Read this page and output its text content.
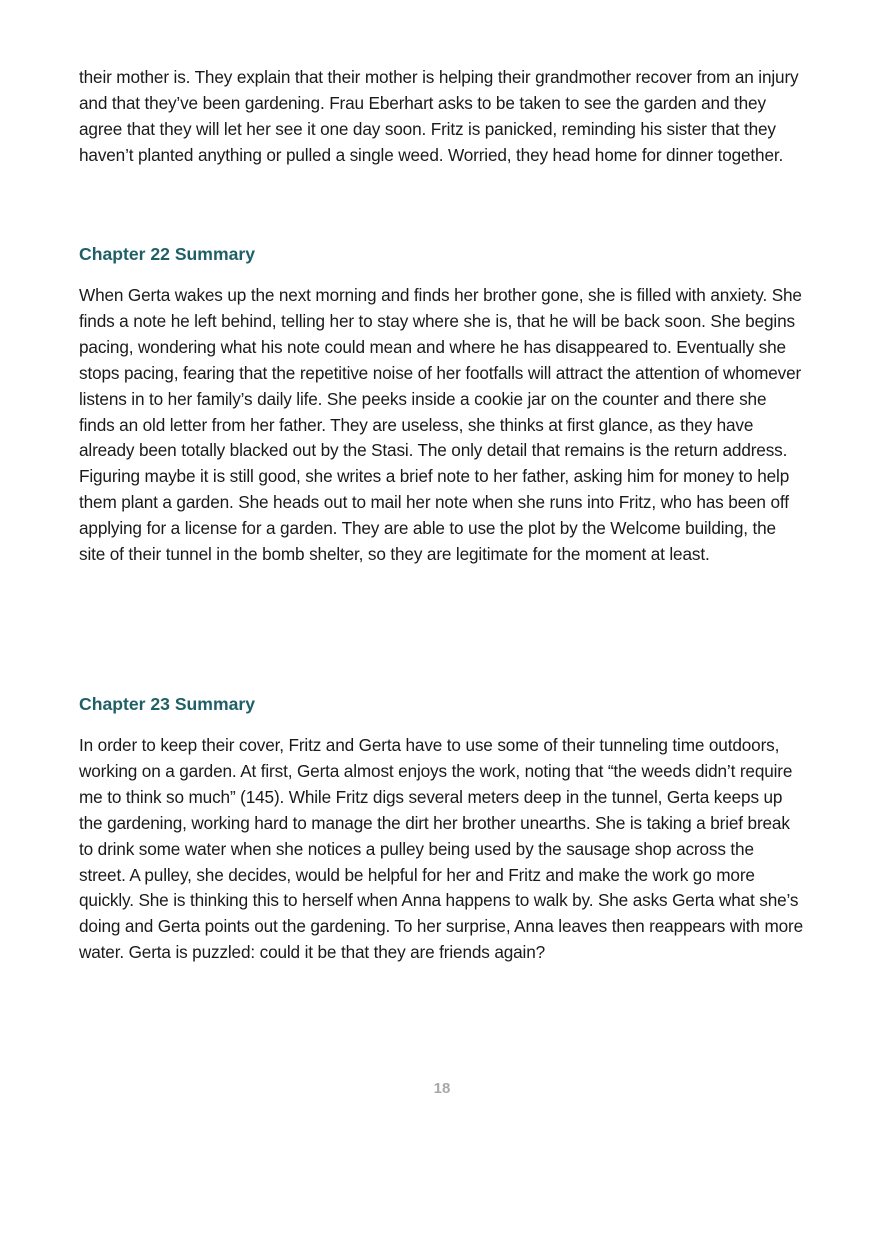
their mother is. They explain that their mother is helping their grandmother recover from an injury and that they’ve been gardening. Frau Eberhart asks to be taken to see the garden and they agree that they will let her see it one day soon. Fritz is panicked, reminding his sister that they haven’t planted anything or pulled a single weed. Worried, they head home for dinner together.

Chapter 22 Summary

When Gerta wakes up the next morning and finds her brother gone, she is filled with anxiety. She finds a note he left behind, telling her to stay where she is, that he will be back soon. She begins pacing, wondering what his note could mean and where he has disappeared to. Eventually she stops pacing, fearing that the repetitive noise of her footfalls will attract the attention of whomever listens in to her family’s daily life. She peeks inside a cookie jar on the counter and there she finds an old letter from her father. They are useless, she thinks at first glance, as they have already been totally blacked out by the Stasi. The only detail that remains is the return address. Figuring maybe it is still good, she writes a brief note to her father, asking him for money to help them plant a garden. She heads out to mail her note when she runs into Fritz, who has been off applying for a license for a garden. They are able to use the plot by the Welcome building, the site of their tunnel in the bomb shelter, so they are legitimate for the moment at least.

Chapter 23 Summary

In order to keep their cover, Fritz and Gerta have to use some of their tunneling time outdoors, working on a garden. At first, Gerta almost enjoys the work, noting that “the weeds didn’t require me to think so much” (145). While Fritz digs several meters deep in the tunnel, Gerta keeps up the gardening, working hard to manage the dirt her brother unearths. She is taking a brief break to drink some water when she notices a pulley being used by the sausage shop across the street. A pulley, she decides, would be helpful for her and Fritz and make the work go more quickly. She is thinking this to herself when Anna happens to walk by. She asks Gerta what she’s doing and Gerta points out the gardening. To her surprise, Anna leaves then reappears with more water. Gerta is puzzled: could it be that they are friends again?

18
